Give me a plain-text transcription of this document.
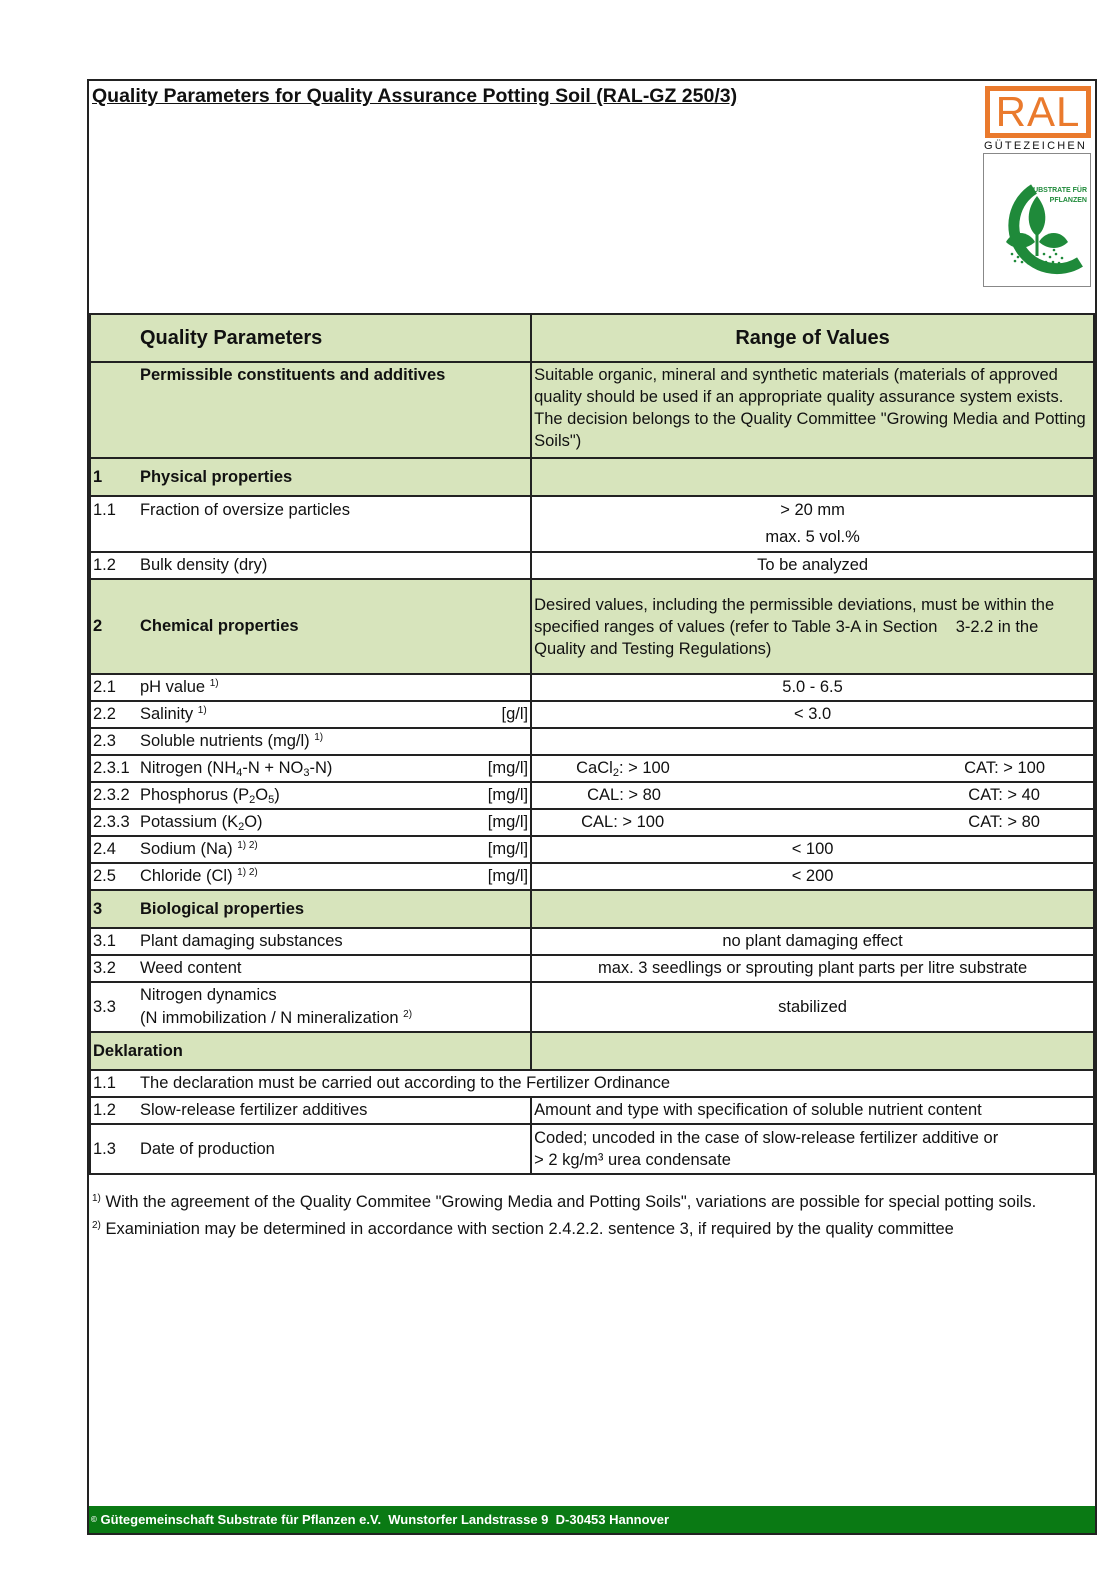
Quality Parameters for Quality Assurance Potting Soil (RAL-GZ 250/3)	RAL
GÜTEZEICHEN
SUBSTRATE FÜR
PFLANZEN
	Quality Parameters	Range of Values
	Permissible constituents and additives	Suitable organic, mineral and synthetic materials (materials of approved quality should be used if an appropriate quality assurance system exists. The decision belongs to the Quality Committee "Growing Media and Potting Soils")
1	Physical properties	
1.1	Fraction of oversize particles	> 20 mm
max. 5 vol.%

1.2	Bulk density (dry)	To be analyzed
2	Chemical properties	Desired values, including the permissible deviations, must be within the specified ranges of values (refer to Table 3-A in Section    3-2.2 in the Quality and Testing Regulations)
2.1	pH value $^{1)}$	5.0 - 6.5
2.2	Salinity $^{1)}$ [g/l]	< 3.0
2.3	Soluble nutrients (mg/l) $^{1)}$	
2.3.1	Nitrogen $(NH_4-N + NO_3-N)$ [mg/l]	CaCl$_2$: > 100 CAT: > 100

2.3.2	Phosphorus $(P_2O_5)$ [mg/l]	CAL: > 80 CAT: > 40

2.3.3	Potassium $(K_2O)$ [mg/l]	CAL: > 100 CAT: > 80

2.4	Sodium (Na) $^{1) 2)}$ [mg/l]	< 100
2.5	Chloride (Cl) $^{1) 2)}$ [mg/l]	< 200
3	Biological properties	
3.1	Plant damaging substances	no plant damaging effect
3.2	Weed content	max. 3 seedlings or sprouting plant parts per litre substrate
3.3	Nitrogen dynamics
(N immobilization / N mineralization $^{2)}$	stabilized
Deklaration		
1.1	The declaration must be carried out according to the Fertilizer Ordinance	
1.2	Slow-release fertilizer additives	Amount and type with specification of soluble nutrient content
1.3	Date of production	Coded; uncoded in the case of slow-release fertilizer additive or
> 2 kg/m³ urea condensate
$^{1)}$ With the agreement of the Quality Commitee "Growing Media and Potting Soils", variations are possible for special potting soils.
$^{2)}$ Examiniation may be determined in accordance with section 2.4.2.2. sentence 3, if required by the quality committee
© Gütegemeinschaft Substrate für Pflanzen e.V.  Wunstorfer Landstrasse 9  D-30453 Hannover
